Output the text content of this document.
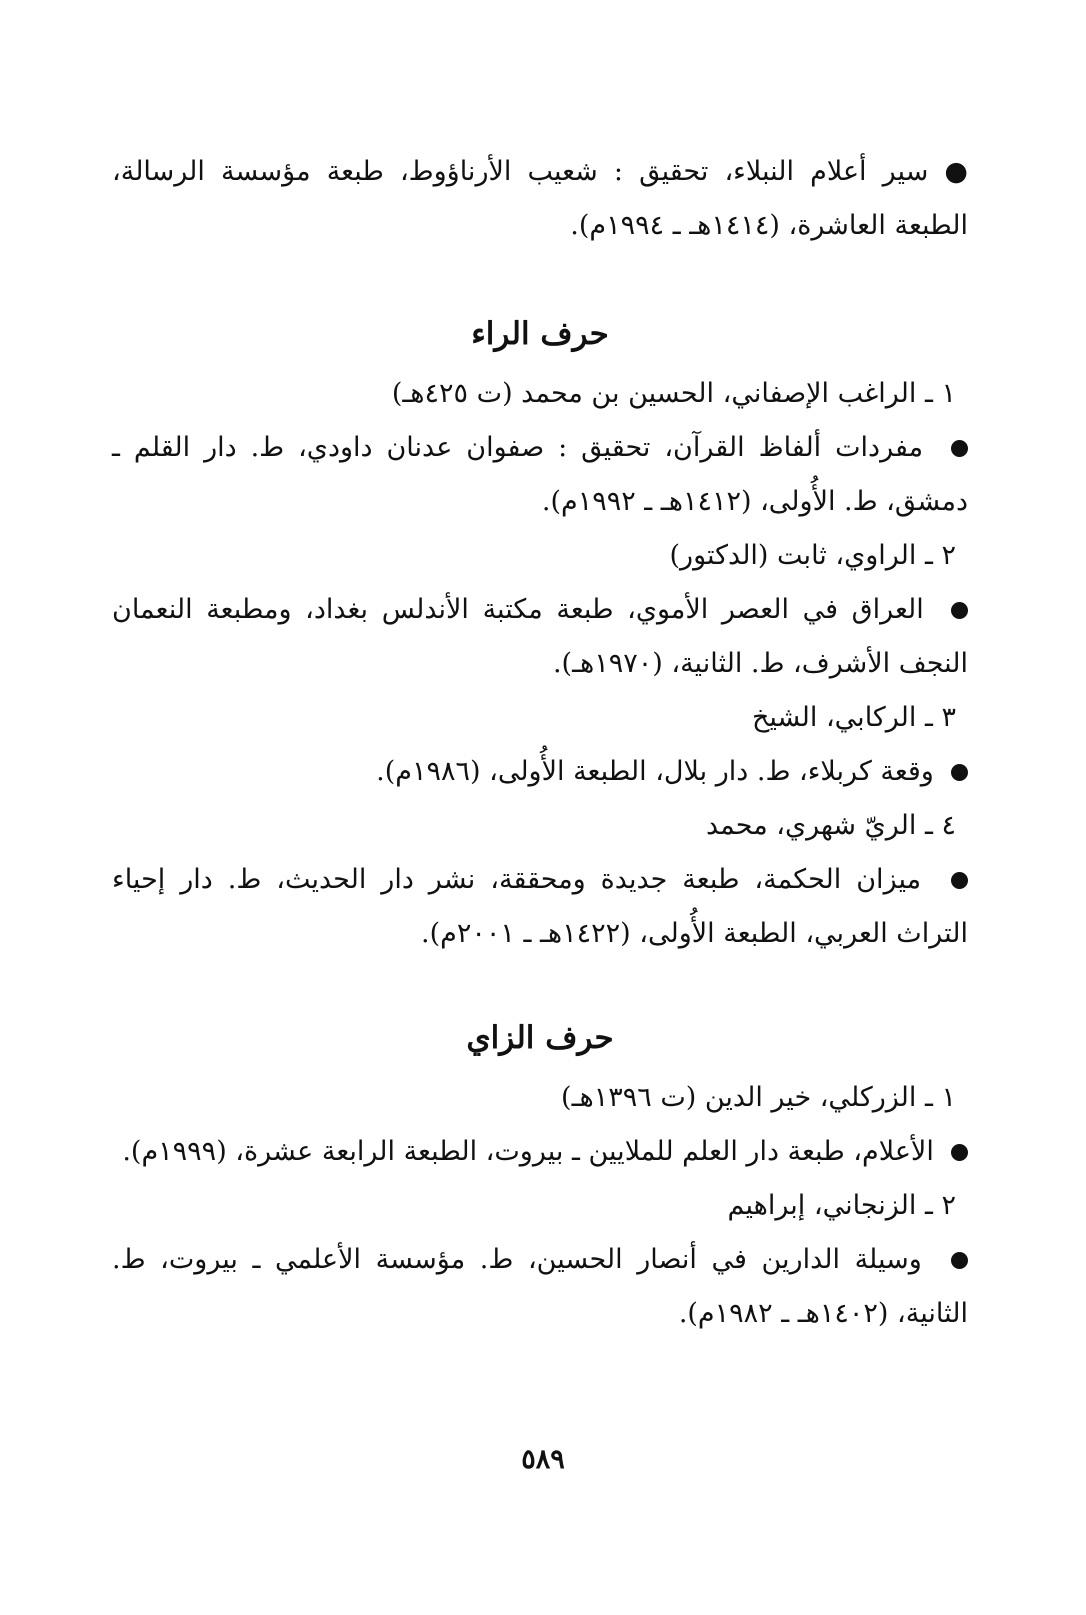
● سير أعلام النبلاء، تحقيق : شعيب الأرناؤوط، طبعة مؤسسة الرسالة، الطبعة العاشرة، (١٤١٤هـ ـ ١٩٩٤م).

حرف الراء

١ ـ الراغب الإصفاني، الحسين بن محمد (ت ٤٢٥هـ)

مفردات ألفاظ القرآن، تحقيق : صفوان عدنان داودي، ط. دار القلم ـ دمشق، ط. الأُولى، (١٤١٢هـ ـ ١٩٩٢م).

٢ ـ الراوي، ثابت (الدكتور)

العراق في العصر الأموي، طبعة مكتبة الأندلس بغداد، ومطبعة النعمان النجف الأشرف، ط. الثانية، (١٩٧٠هـ).

٣ ـ الركابي، الشيخ

وقعة كربلاء، ط. دار بلال، الطبعة الأُولى، (١٩٨٦م).

٤ ـ الريّ شهري، محمد

ميزان الحكمة، طبعة جديدة ومحققة، نشر دار الحديث، ط. دار إحياء التراث العربي، الطبعة الأُولى، (١٤٢٢هـ ـ ٢٠٠١م).

حرف الزاي

١ ـ الزركلي، خير الدين (ت ١٣٩٦هـ)

الأعلام، طبعة دار العلم للملايين ـ بيروت، الطبعة الرابعة عشرة، (١٩٩٩م).

٢ ـ الزنجاني، إبراهيم

وسيلة الدارين في أنصار الحسين، ط. مؤسسة الأعلمي ـ بيروت، ط. الثانية، (١٤٠٢هـ ـ ١٩٨٢م).

٥٨٩
